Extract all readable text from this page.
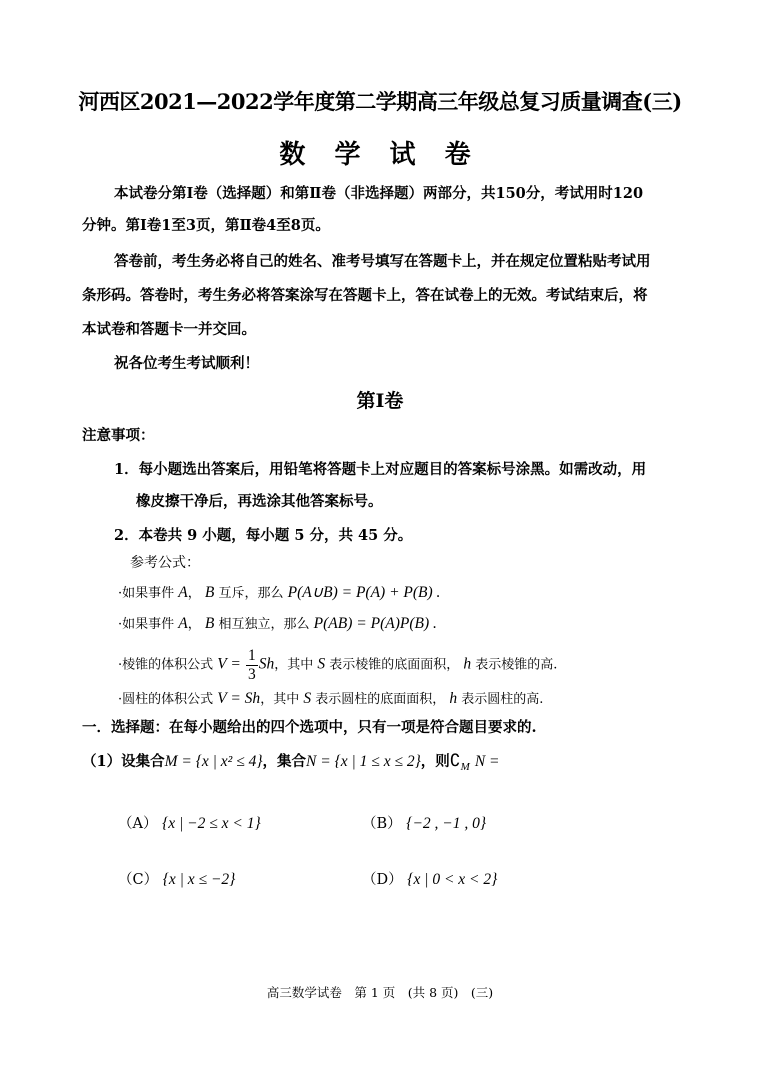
河西区2021—2022学年度第二学期高三年级总复习质量调查(三)
数 学 试 卷
本试卷分第Ⅰ卷（选择题）和第Ⅱ卷（非选择题）两部分，共150分，考试用时120
分钟。第Ⅰ卷1至3页，第Ⅱ卷4至8页。
答卷前，考生务必将自己的姓名、准考号填写在答题卡上，并在规定位置粘贴考试用
条形码。答卷时，考生务必将答案涂写在答题卡上，答在试卷上的无效。考试结束后，将
本试卷和答题卡一并交回。
祝各位考生考试顺利！
第Ⅰ卷
注意事项：
1．每小题选出答案后，用铅笔将答题卡上对应题目的答案标号涂黑。如需改动，用
橡皮擦干净后，再选涂其他答案标号。
2．本卷共 9 小题，每小题 5 分，共 45 分。
参考公式：
·如果事件 A， B 互斥，那么 P(A∪B) = P(A) + P(B) .
·如果事件 A， B 相互独立，那么 P(AB) = P(A)P(B) .
·棱锥的体积公式 $V = \frac{1}{3}$ Sh，其中 S 表示棱锥的底面面积， h 表示棱锥的高.
·圆柱的体积公式 V = Sh，其中 S 表示圆柱的底面面积， h 表示圆柱的高.
一．选择题：在每小题给出的四个选项中，只有一项是符合题目要求的.
（1）设集合M = {x | x² ≤ 4}，集合N = {x | 1 ≤ x ≤ 2}，则$∁_M$ N =
（A） {x | −2 ≤ x < 1}	（B） {−2 , −1 , 0}
（C） {x | x ≤ −2}	（D） {x | 0 < x < 2}
高三数学试卷　第 1 页　(共 8 页)　(三)
